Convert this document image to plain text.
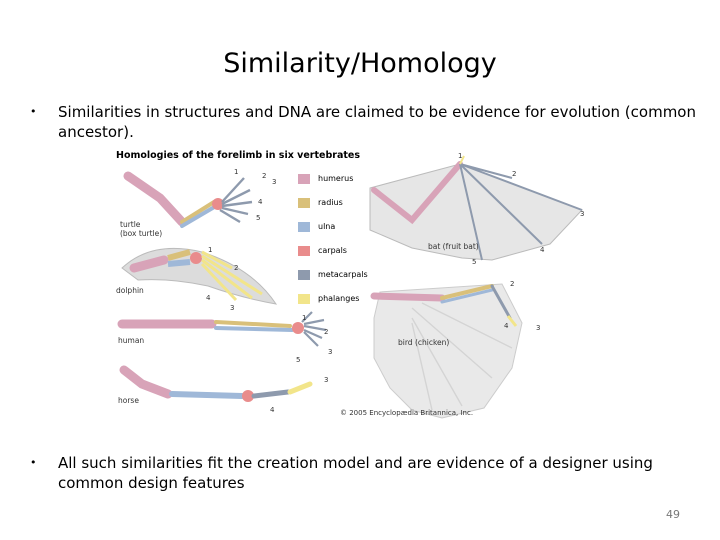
Similarity/Homology
• Similarities in structures and DNA are claimed to be evidence for evolution (common ancestor).
Homologies of the forelimb in six vertebrates
1	2
3
4
5
1
2
4
3
1
2
3
5
3
4
1
2
3
4
5
2
4	3
humerus
radius
ulna
carpals
metacarpals
phalanges
turtle
(box turtle)
dolphin
human
horse
bat (fruit bat)
bird (chicken)
© 2005 Encyclopædia Britannica, Inc.
• All such similarities fit the creation model and are evidence of a designer using common design features
49
